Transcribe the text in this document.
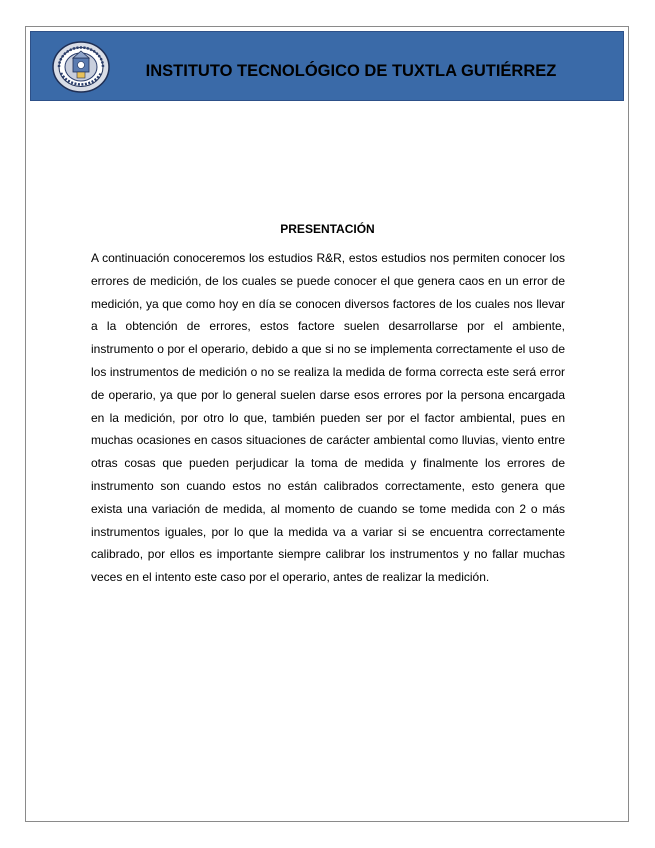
INSTITUTO TECNOLÓGICO DE TUXTLA GUTIÉRREZ
PRESENTACIÓN

A continuación conoceremos los estudios R&R, estos estudios nos permiten conocer los errores de medición, de los cuales se puede conocer el que genera caos en un error de medición, ya que como hoy en día se conocen diversos factores de los cuales nos llevar a la obtención de errores, estos factore suelen desarrollarse por el ambiente, instrumento o por el operario, debido a que si no se implementa correctamente el uso de los instrumentos de medición o no se realiza la medida de forma correcta este será error de operario, ya que por lo general suelen darse esos errores por la persona encargada en la medición, por otro lo que, también pueden ser por el factor ambiental, pues en muchas ocasiones en casos situaciones de carácter ambiental como lluvias, viento entre otras cosas que pueden perjudicar la toma de medida y finalmente los errores de instrumento son cuando estos no están calibrados correctamente, esto genera que exista una variación de medida, al momento de cuando se tome medida con 2 o más instrumentos iguales, por lo que la medida va a variar si se encuentra correctamente calibrado, por ellos es importante siempre calibrar los instrumentos y no fallar muchas veces en el intento este caso por el operario, antes de realizar la medición.
